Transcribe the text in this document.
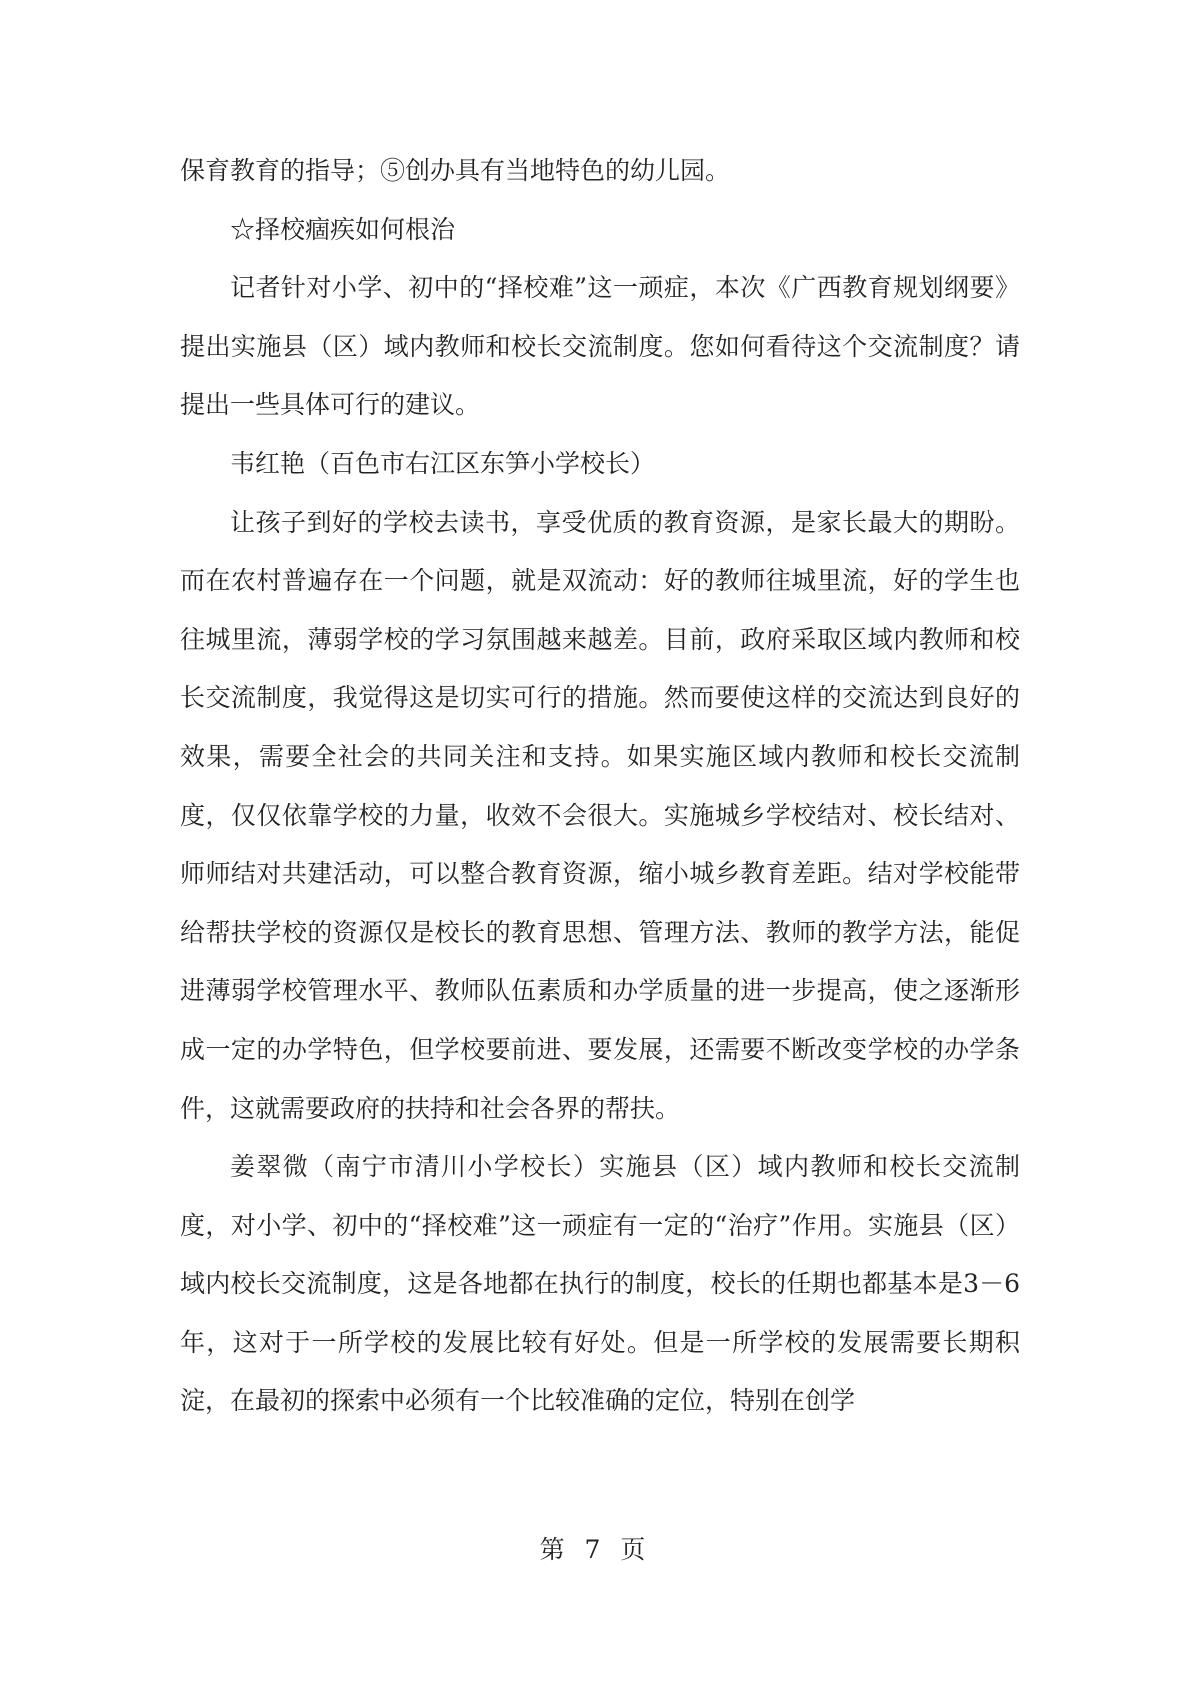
保育教育的指导；⑤创办具有当地特色的幼儿园。

☆择校痼疾如何根治

记者针对小学、初中的“择校难”这一顽症，本次《广西教育规划纲要》提出实施县（区）域内教师和校长交流制度。您如何看待这个交流制度？请提出一些具体可行的建议。

韦红艳（百色市右江区东笋小学校长）

让孩子到好的学校去读书，享受优质的教育资源，是家长最大的期盼。而在农村普遍存在一个问题，就是双流动：好的教师往城里流，好的学生也往城里流，薄弱学校的学习氛围越来越差。目前，政府采取区域内教师和校长交流制度，我觉得这是切实可行的措施。然而要使这样的交流达到良好的效果，需要全社会的共同关注和支持。如果实施区域内教师和校长交流制度，仅仅依靠学校的力量，收效不会很大。实施城乡学校结对、校长结对、师师结对共建活动，可以整合教育资源，缩小城乡教育差距。结对学校能带给帮扶学校的资源仅是校长的教育思想、管理方法、教师的教学方法，能促进薄弱学校管理水平、教师队伍素质和办学质量的进一步提高，使之逐渐形成一定的办学特色，但学校要前进、要发展，还需要不断改变学校的办学条件，这就需要政府的扶持和社会各界的帮扶。

姜翠微（南宁市清川小学校长）实施县（区）域内教师和校长交流制度，对小学、初中的“择校难”这一顽症有一定的“治疗”作用。实施县（区）域内校长交流制度，这是各地都在执行的制度，校长的任期也都基本是3－6年，这对于一所学校的发展比较有好处。但是一所学校的发展需要长期积淀，在最初的探索中必须有一个比较准确的定位，特别在创学

第 7 页
